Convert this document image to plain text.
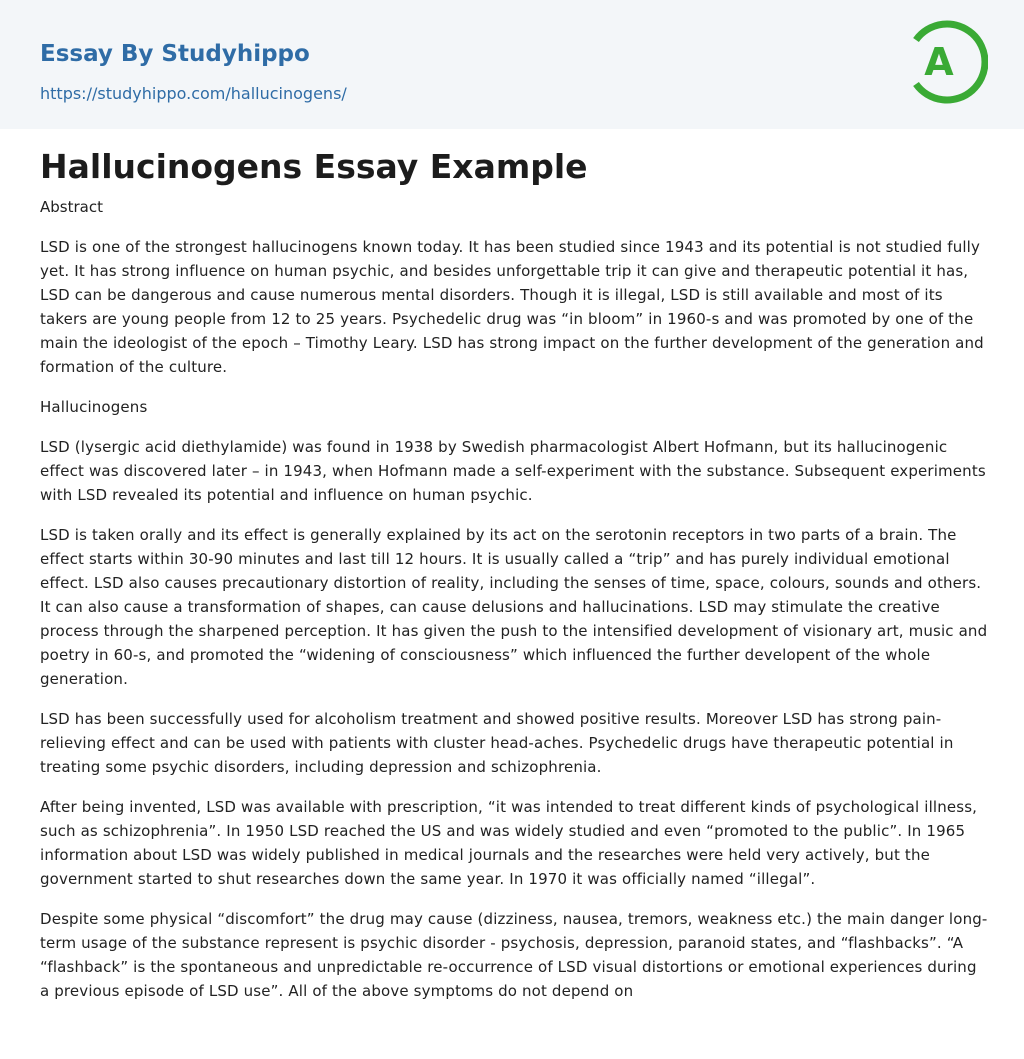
Essay By Studyhippo
https://studyhippo.com/hallucinogens/
A
Hallucinogens Essay Example
Abstract

LSD is one of the strongest hallucinogens known today. It has been studied since 1943 and its potential is not studied fully yet. It has strong influence on human psychic, and besides unforgettable trip it can give and therapeutic potential it has, LSD can be dangerous and cause numerous mental disorders. Though it is illegal, LSD is still available and most of its takers are young people from 12 to 25 years. Psychedelic drug was “in bloom” in 1960-s and was promoted by one of the main the ideologist of the epoch – Timothy Leary. LSD has strong impact on the further development of the generation and formation of the culture.

Hallucinogens

LSD (lysergic acid diethylamide) was found in 1938 by Swedish pharmacologist Albert Hofmann, but its hallucinogenic effect was discovered later – in 1943, when Hofmann made a self-experiment with the substance. Subsequent experiments with LSD revealed its potential and influence on human psychic.

LSD is taken orally and its effect is generally explained by its act on the serotonin receptors in two parts of a brain. The effect starts within 30-90 minutes and last till 12 hours. It is usually called a “trip” and has purely individual emotional effect. LSD also causes precautionary distortion of reality, including the senses of time, space, colours, sounds and others. It can also cause a transformation of shapes, can cause delusions and hallucinations. LSD may stimulate the creative process through the sharpened perception. It has given the push to the intensified development of visionary art, music and poetry in 60-s, and promoted the “widening of consciousness” which influenced the further developent of the whole generation.

LSD has been successfully used for alcoholism treatment and showed positive results. Moreover LSD has strong pain-relieving effect and can be used with patients with cluster head-aches. Psychedelic drugs have therapeutic potential in treating some psychic disorders, including depression and schizophrenia.

After being invented, LSD was available with prescription, “it was intended to treat different kinds of psychological illness, such as schizophrenia”. In 1950 LSD reached the US and was widely studied and even “promoted to the public”. In 1965 information about LSD was widely published in medical journals and the researches were held very actively, but the government started to shut researches down the same year. In 1970 it was officially named “illegal”.

Despite some physical “discomfort” the drug may cause (dizziness, nausea, tremors, weakness etc.) the main danger long-term usage of the substance represent is psychic disorder - psychosis, depression, paranoid states, and “flashbacks”. “A “flashback” is the spontaneous and unpredictable re-occurrence of LSD visual distortions or emotional experiences during a previous episode of LSD use”. All of the above symptoms do not depend on
